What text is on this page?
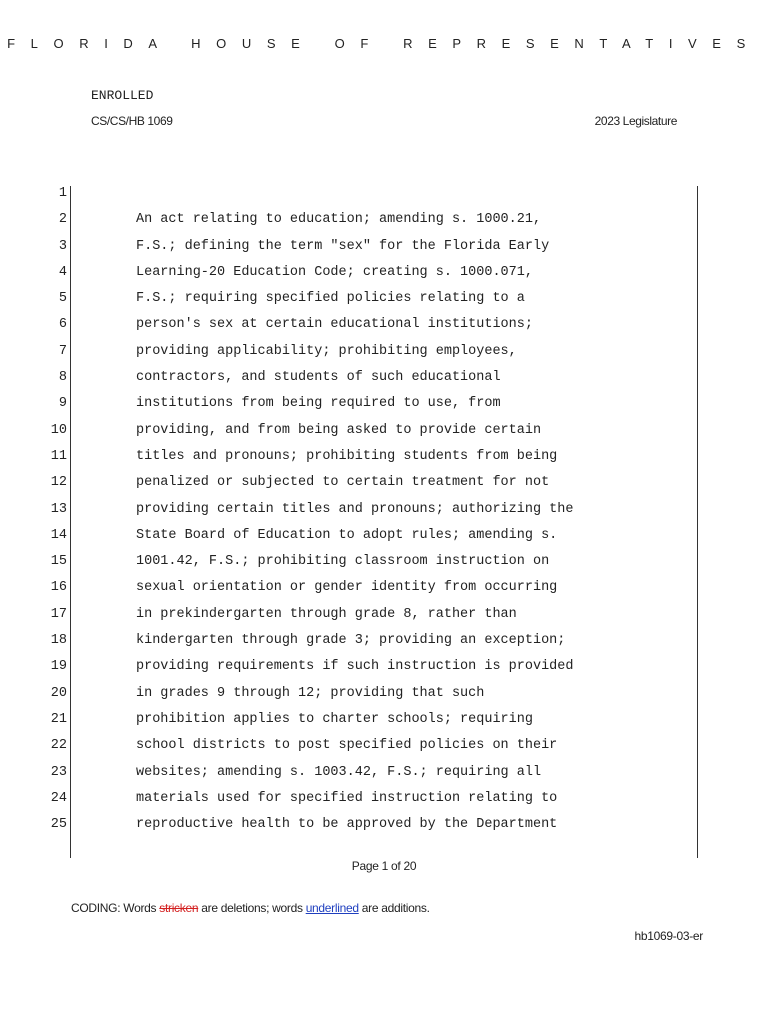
FLORIDA HOUSE OF REPRESENTATIVES
ENROLLED
CS/CS/HB 1069	2023 Legislature
1
2	An act relating to education; amending s. 1000.21,
3	F.S.; defining the term "sex" for the Florida Early
4	Learning-20 Education Code; creating s. 1000.071,
5	F.S.; requiring specified policies relating to a
6	person's sex at certain educational institutions;
7	providing applicability; prohibiting employees,
8	contractors, and students of such educational
9	institutions from being required to use, from
10	providing, and from being asked to provide certain
11	titles and pronouns; prohibiting students from being
12	penalized or subjected to certain treatment for not
13	providing certain titles and pronouns; authorizing the
14	State Board of Education to adopt rules; amending s.
15	1001.42, F.S.; prohibiting classroom instruction on
16	sexual orientation or gender identity from occurring
17	in prekindergarten through grade 8, rather than
18	kindergarten through grade 3; providing an exception;
19	providing requirements if such instruction is provided
20	in grades 9 through 12; providing that such
21	prohibition applies to charter schools; requiring
22	school districts to post specified policies on their
23	websites; amending s. 1003.42, F.S.; requiring all
24	materials used for specified instruction relating to
25	reproductive health to be approved by the Department
Page 1 of 20
CODING: Words stricken are deletions; words underlined are additions.
hb1069-03-er
